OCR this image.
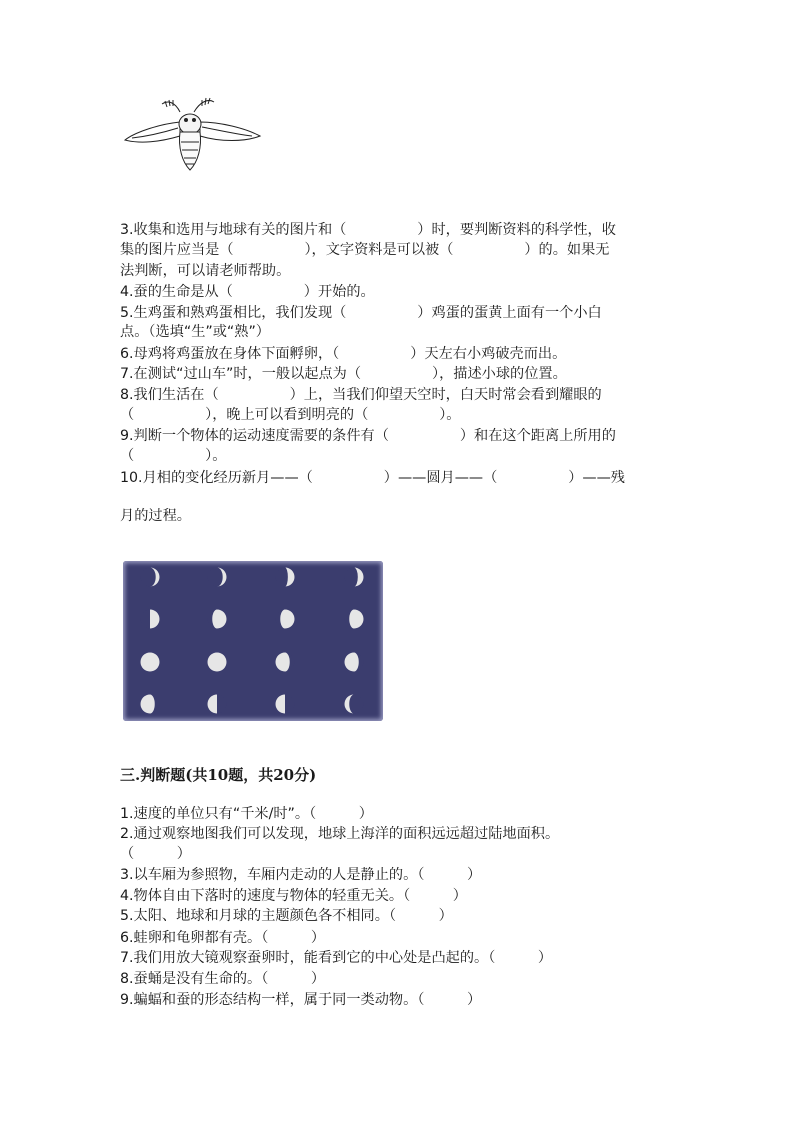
3.收集和选用与地球有关的图片和（　　　　　）时，要判断资料的科学性，收
集的图片应当是（　　　　　），文字资料是可以被（　　　　　）的。如果无
法判断，可以请老师帮助。
4.蚕的生命是从（　　　　　）开始的。
5.生鸡蛋和熟鸡蛋相比，我们发现（　　　　　）鸡蛋的蛋黄上面有一个小白
点。（选填“生”或“熟”）
6.母鸡将鸡蛋放在身体下面孵卵，（　　　　　）天左右小鸡破壳而出。
7.在测试“过山车”时，一般以起点为（　　　　　），描述小球的位置。
8.我们生活在（　　　　　）上，当我们仰望天空时，白天时常会看到耀眼的
（　　　　　），晚上可以看到明亮的（　　　　　）。
9.判断一个物体的运动速度需要的条件有（　　　　　）和在这个距离上所用的
（　　　　　）。
10.月相的变化经历新月——（　　　　　）——圆月——（　　　　　）——残
月的过程。
三.判断题(共10题，共20分)
1.速度的单位只有“千米/时”。（　　　）
2.通过观察地图我们可以发现，地球上海洋的面积远远超过陆地面积。
（　　　）
3.以车厢为参照物，车厢内走动的人是静止的。（　　　）
4.物体自由下落时的速度与物体的轻重无关。（　　　）
5.太阳、地球和月球的主题颜色各不相同。（　　　）
6.蛙卵和龟卵都有壳。（　　　）
7.我们用放大镜观察蚕卵时，能看到它的中心处是凸起的。（　　　）
8.蚕蛹是没有生命的。（　　　）
9.蝙蝠和蚕的形态结构一样，属于同一类动物。（　　　）
